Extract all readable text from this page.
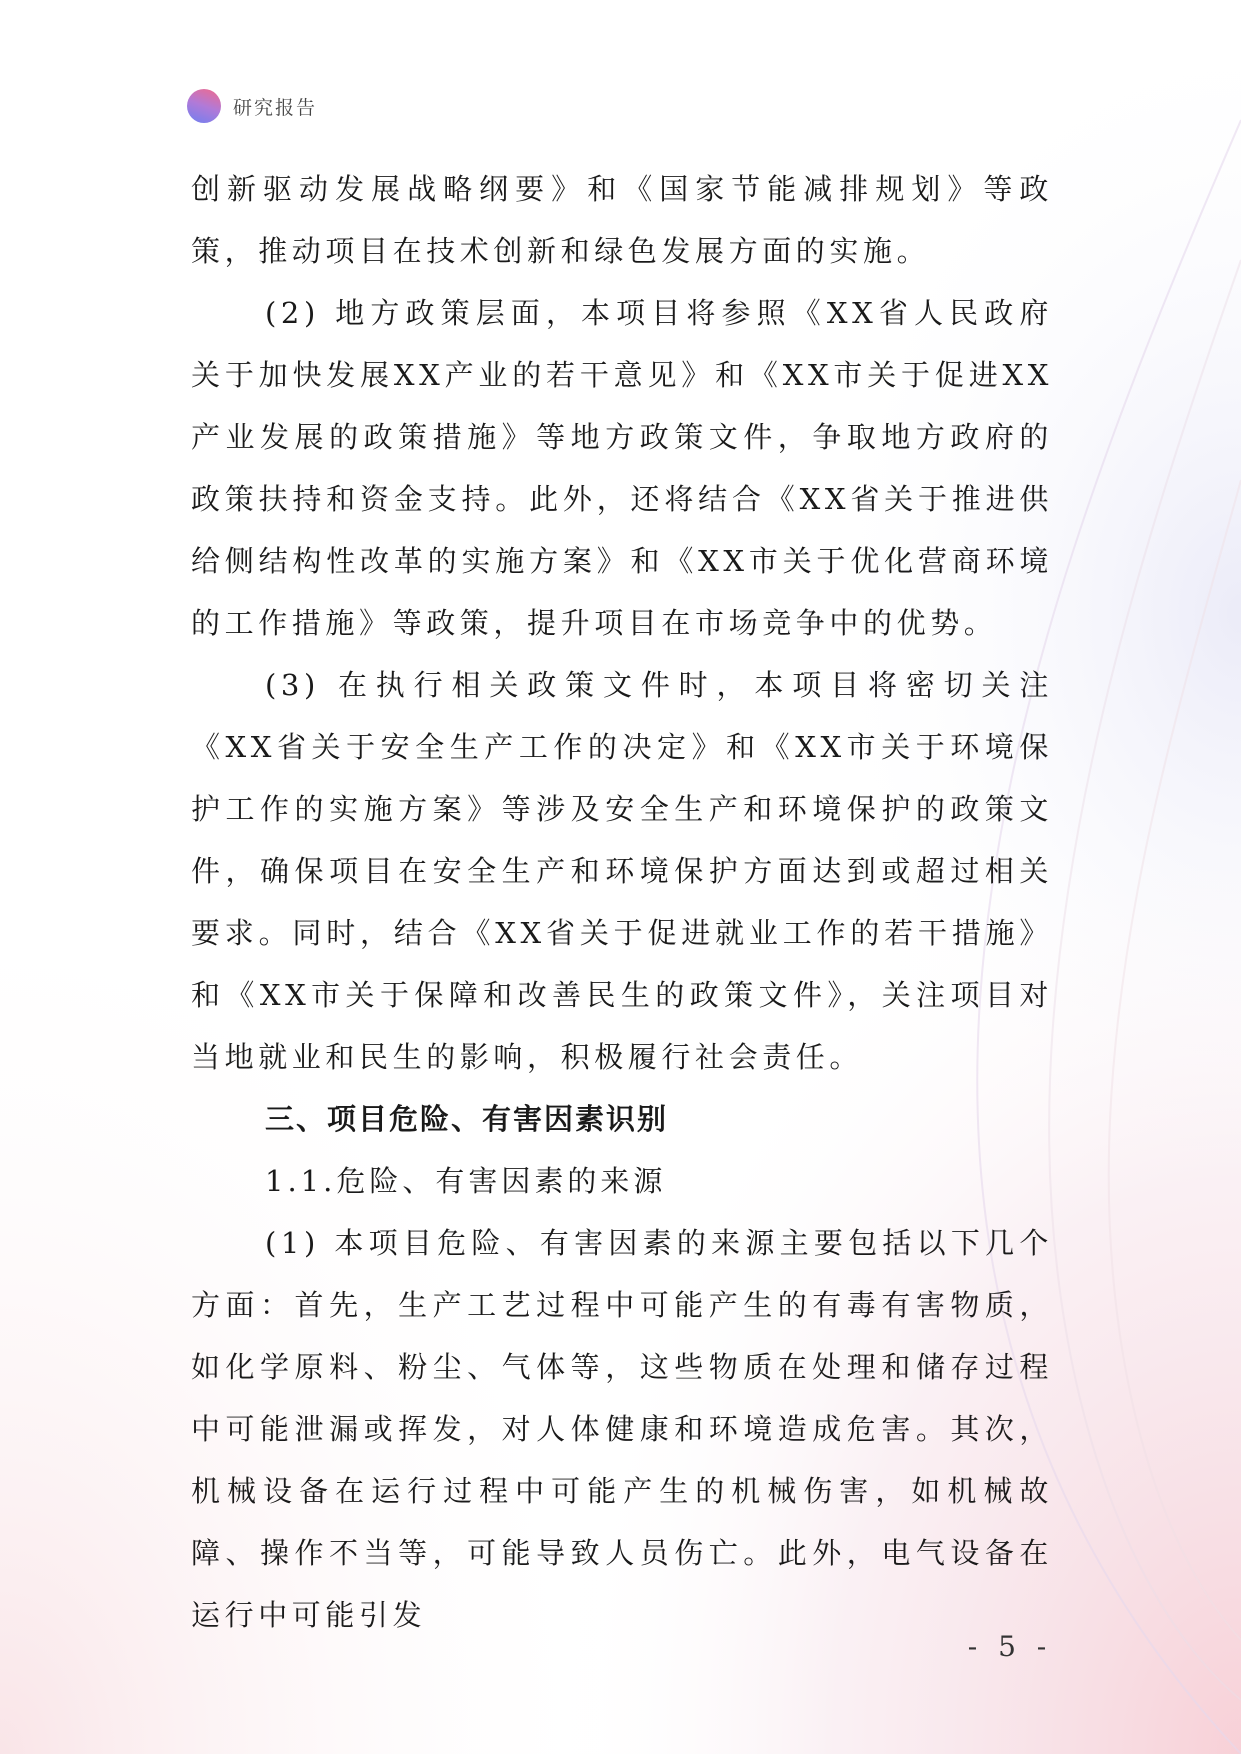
研究报告

创新驱动发展战略纲要》和《国家节能减排规划》等政策，推动项目在技术创新和绿色发展方面的实施。

(2) 地方政策层面，本项目将参照《XX省人民政府关于加快发展XX产业的若干意见》和《XX市关于促进XX产业发展的政策措施》等地方政策文件，争取地方政府的政策扶持和资金支持。此外，还将结合《XX省关于推进供给侧结构性改革的实施方案》和《XX市关于优化营商环境的工作措施》等政策，提升项目在市场竞争中的优势。

(3) 在执行相关政策文件时，本项目将密切关注《XX省关于安全生产工作的决定》和《XX市关于环境保护工作的实施方案》等涉及安全生产和环境保护的政策文件，确保项目在安全生产和环境保护方面达到或超过相关要求。同时，结合《XX省关于促进就业工作的若干措施》和《XX市关于保障和改善民生的政策文件》，关注项目对当地就业和民生的影响，积极履行社会责任。

三、项目危险、有害因素识别

1.1.危险、有害因素的来源

(1) 本项目危险、有害因素的来源主要包括以下几个方面：首先，生产工艺过程中可能产生的有毒有害物质，如化学原料、粉尘、气体等，这些物质在处理和储存过程中可能泄漏或挥发，对人体健康和环境造成危害。其次，机械设备在运行过程中可能产生的机械伤害，如机械故障、操作不当等，可能导致人员伤亡。此外，电气设备在运行中可能引发

- 5 -
